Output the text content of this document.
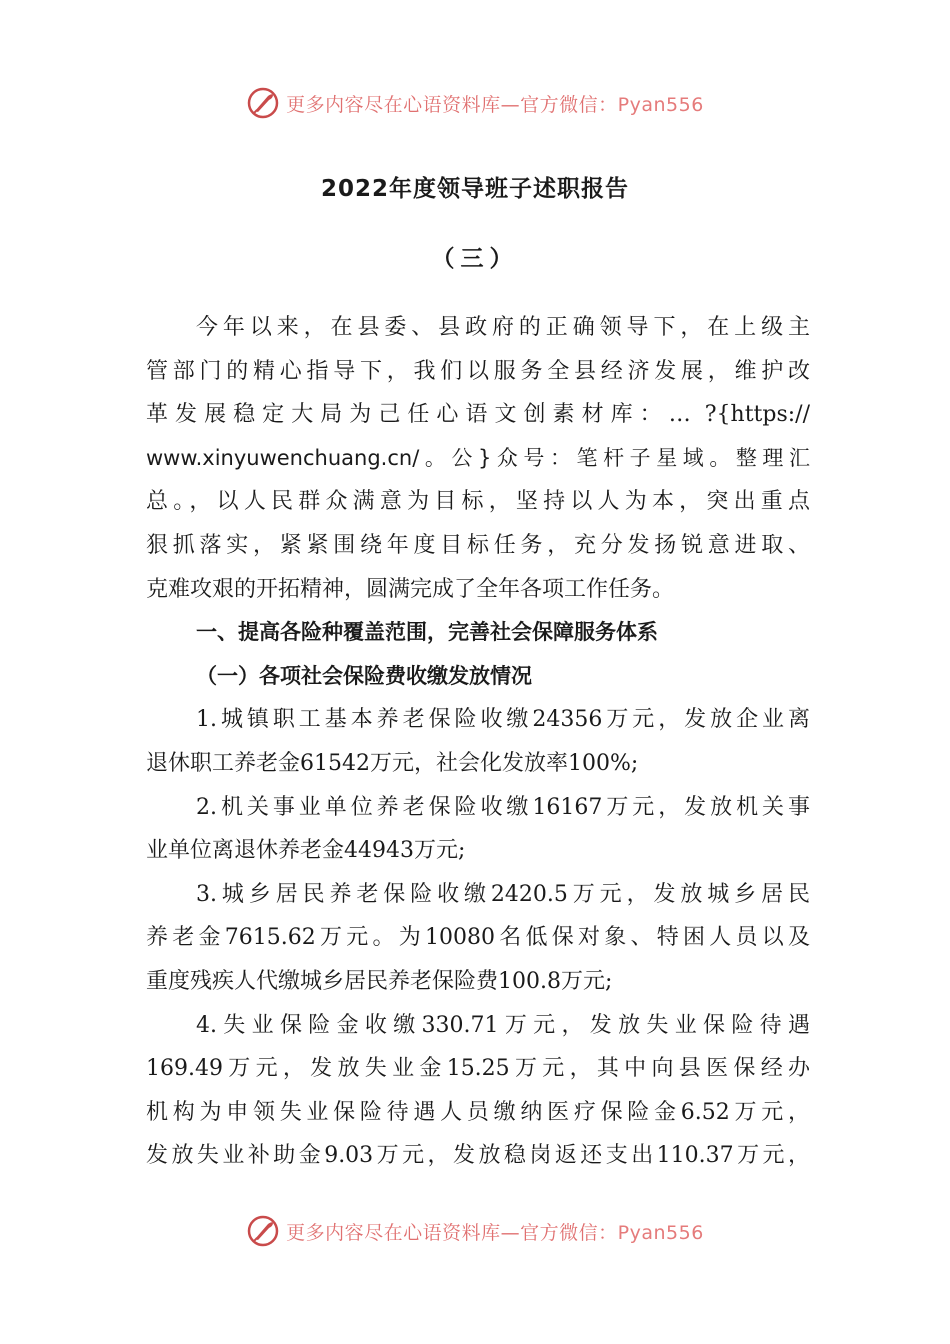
更多内容尽在心语资料库—官方微信：Pyan556
2022年度领导班子述职报告
（三）
今年以来，在县委、县政府的正确领导下，在上级主
管部门的精心指导下，我们以服务全县经济发展，维护改
革发展稳定大局为己任心语文创素材库：… ?{https://
www.xinyuwenchuang.cn/。公}众号：笔杆子星域。整理汇
总。，以人民群众满意为目标，坚持以人为本，突出重点
狠抓落实，紧紧围绕年度目标任务，充分发扬锐意进取、
克难攻艰的开拓精神，圆满完成了全年各项工作任务。
一、提高各险种覆盖范围，完善社会保障服务体系
（一）各项社会保险费收缴发放情况
1.城镇职工基本养老保险收缴24356万元，发放企业离
退休职工养老金61542万元，社会化发放率100%;
2.机关事业单位养老保险收缴16167万元，发放机关事
业单位离退休养老金44943万元;
3.城乡居民养老保险收缴2420.5万元，发放城乡居民
养老金7615.62万元。为10080名低保对象、特困人员以及
重度残疾人代缴城乡居民养老保险费100.8万元;
4.失业保险金收缴330.71万元，发放失业保险待遇
169.49万元，发放失业金15.25万元，其中向县医保经办
机构为申领失业保险待遇人员缴纳医疗保险金6.52万元，
发放失业补助金9.03万元，发放稳岗返还支出110.37万元，
更多内容尽在心语资料库—官方微信：Pyan556
